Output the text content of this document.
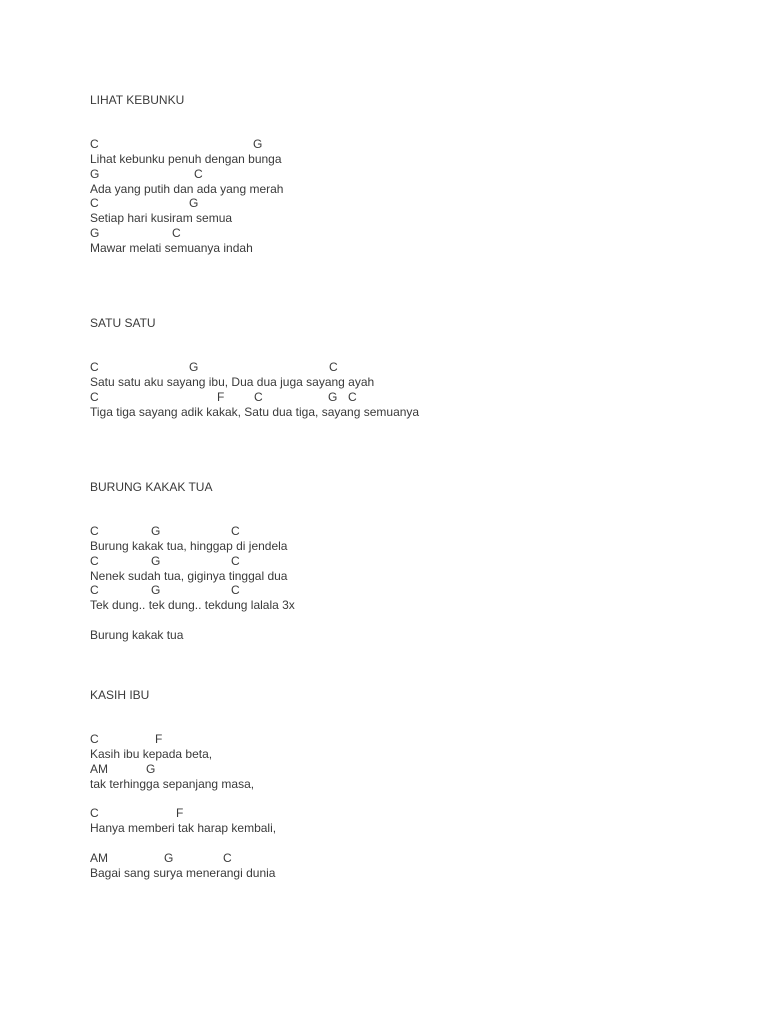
LIHAT KEBUNKU
C	G
Lihat kebunku penuh dengan bunga
G	C
Ada yang putih dan ada yang merah
C	G
Setiap hari kusiram semua
G	C
Mawar melati semuanya indah
SATU SATU
C	G	C
Satu satu aku sayang ibu, Dua dua juga sayang ayah
C	F C	G C
Tiga tiga sayang adik kakak, Satu dua tiga, sayang semuanya
BURUNG KAKAK TUA
C	G	C
Burung kakak tua, hinggap di jendela
C	G	C
Nenek sudah tua, giginya tinggal dua
C	G	C
Tek dung.. tek dung.. tekdung lalala 3x
Burung kakak tua
KASIH IBU
C	F
Kasih ibu kepada beta,
AM	G
tak terhingga sepanjang masa,
C	F
Hanya memberi tak harap kembali,
AM	G	C
Bagai sang surya menerangi dunia
